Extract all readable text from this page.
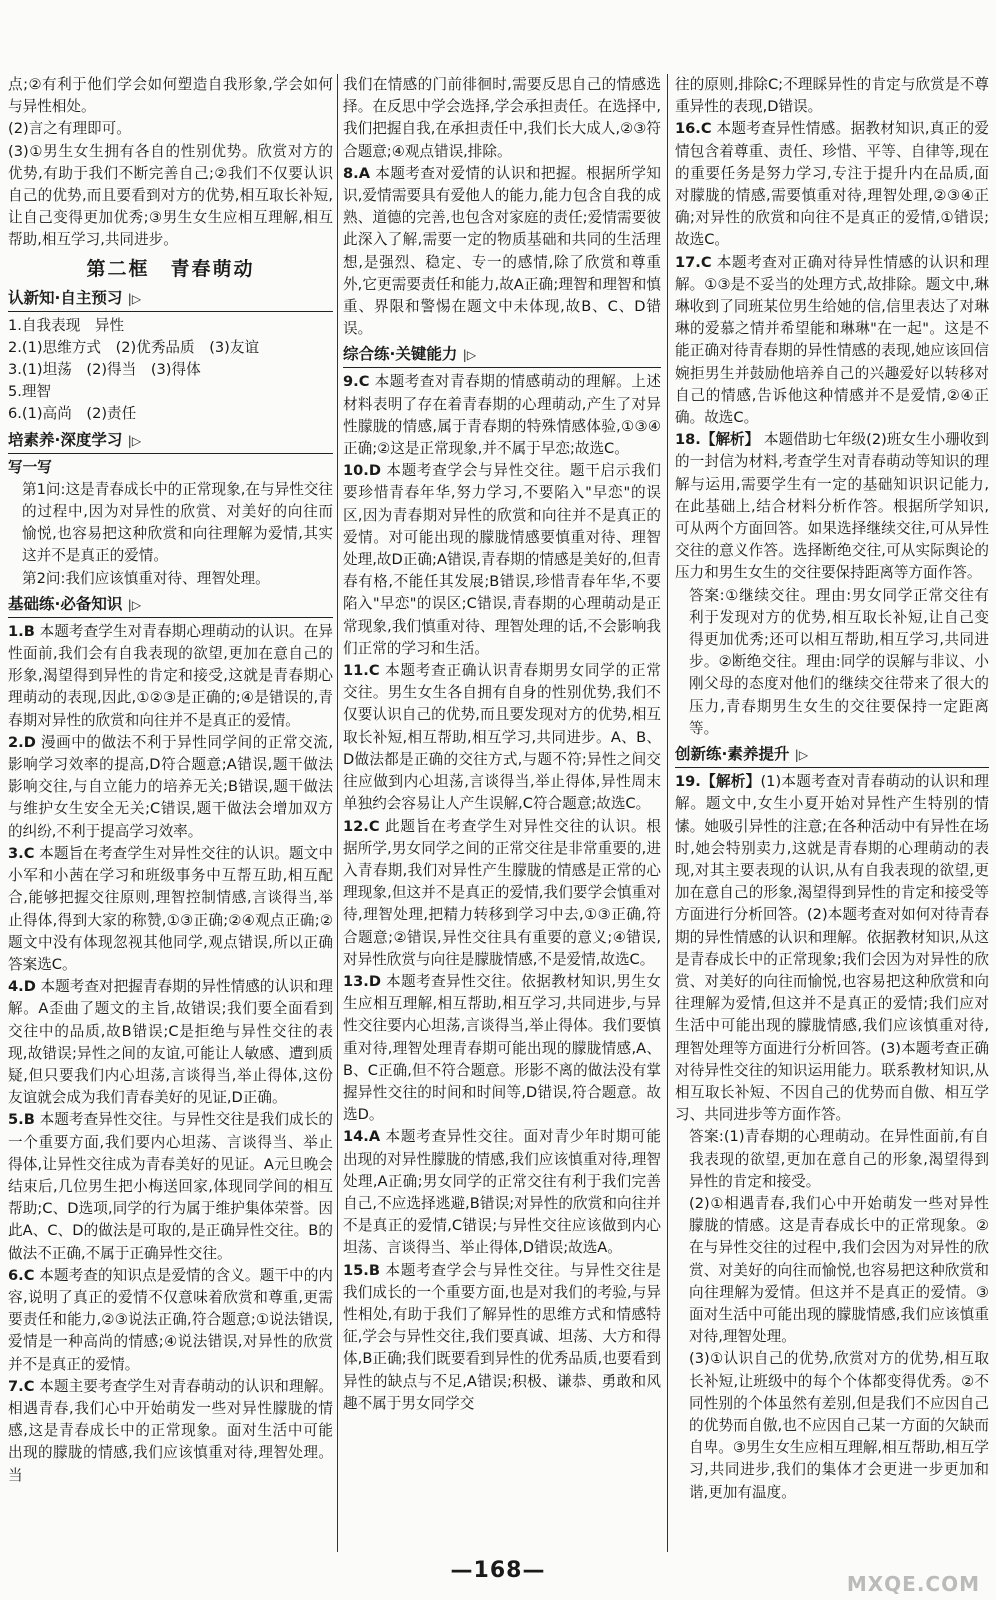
点;②有利于他们学会如何塑造自我形象,学会如何与异性相处。

(2)言之有理即可。

(3)①男生女生拥有各自的性别优势。欣赏对方的优势,有助于我们不断完善自己;②我们不仅要认识自己的优势,而且要看到对方的优势,相互取长补短,让自己变得更加优秀;③男生女生应相互理解,相互帮助,相互学习,共同进步。

第二框　青春萌动
认新知·自主预习 |▷

1.自我表现　异性

2.(1)思维方式　(2)优秀品质　(3)友谊

3.(1)坦荡　(2)得当　(3)得体

5.理智

6.(1)高尚　(2)责任

培素养·深度学习 |▷
写一写

第1问:这是青春成长中的正常现象,在与异性交往的过程中,因为对异性的欣赏、对美好的向往而愉悦,也容易把这种欣赏和向往理解为爱情,其实这并不是真正的爱情。

第2问:我们应该慎重对待、理智处理。

基础练·必备知识 |▷

1.B 本题考查学生对青春期心理萌动的认识。在异性面前,我们会有自我表现的欲望,更加在意自己的形象,渴望得到异性的肯定和接受,这就是青春期心理萌动的表现,因此,①②③是正确的;④是错误的,青春期对异性的欣赏和向往并不是真正的爱情。

2.D 漫画中的做法不利于异性同学间的正常交流,影响学习效率的提高,D符合题意;A错误,题干做法影响交往,与自立能力的培养无关;B错误,题干做法与维护女生安全无关;C错误,题干做法会增加双方的纠纷,不利于提高学习效率。

3.C 本题旨在考查学生对异性交往的认识。题文中小军和小茜在学习和班级事务中互帮互助,相互配合,能够把握交往原则,理智控制情感,言谈得当,举止得体,得到大家的称赞,①③正确;②④观点正确;②题文中没有体现忽视其他同学,观点错误,所以正确答案选C。

4.D 本题考查对把握青春期的异性情感的认识和理解。A歪曲了题文的主旨,故错误;我们要全面看到交往中的品质,故B错误;C是拒绝与异性交往的表现,故错误;异性之间的友谊,可能让人敏感、遭到质疑,但只要我们内心坦荡,言谈得当,举止得体,这份友谊就会成为我们青春美好的见证,D正确。

5.B 本题考查异性交往。与异性交往是我们成长的一个重要方面,我们要内心坦荡、言谈得当、举止得体,让异性交往成为青春美好的见证。A元旦晚会结束后,几位男生把小梅送回家,体现同学间的相互帮助;C、D选项,同学的行为属于维护集体荣誉。因此A、C、D的做法是可取的,是正确异性交往。B的做法不正确,不属于正确异性交往。

6.C 本题考查的知识点是爱情的含义。题干中的内容,说明了真正的爱情不仅意味着欣赏和尊重,更需要责任和能力,②③说法正确,符合题意;①说法错误,爱情是一种高尚的情感;④说法错误,对异性的欣赏并不是真正的爱情。

7.C 本题主要考查学生对青春萌动的认识和理解。相遇青春,我们心中开始萌发一些对异性朦胧的情感,这是青春成长中的正常现象。面对生活中可能出现的朦胧的情感,我们应该慎重对待,理智处理。当

我们在情感的门前徘徊时,需要反思自己的情感选择。在反思中学会选择,学会承担责任。在选择中,我们把握自我,在承担责任中,我们长大成人,②③符合题意;④观点错误,排除。

8.A 本题考查对爱情的认识和把握。根据所学知识,爱情需要具有爱他人的能力,能力包含自我的成熟、道德的完善,也包含对家庭的责任;爱情需要彼此深入了解,需要一定的物质基础和共同的生活理想,是强烈、稳定、专一的感情,除了欣赏和尊重外,它更需要责任和能力,故A正确;理智和理智和慎重、界限和警惕在题文中未体现,故B、C、D错误。

综合练·关键能力 |▷

9.C 本题考查对青春期的情感萌动的理解。上述材料表明了存在着青春期的心理萌动,产生了对异性朦胧的情感,属于青春期的特殊情感体验,①③④正确;②这是正常现象,并不属于早恋;故选C。

10.D 本题考查学会与异性交往。题干启示我们要珍惜青春年华,努力学习,不要陷入"早恋"的误区,因为青春期对异性的欣赏和向往并不是真正的爱情。对可能出现的朦胧情感要慎重对待、理智处理,故D正确;A错误,青春期的情感是美好的,但青春有格,不能任其发展;B错误,珍惜青春年华,不要陷入"早恋"的误区;C错误,青春期的心理萌动是正常现象,我们慎重对待、理智处理的话,不会影响我们正常的学习和生活。

11.C 本题考查正确认识青春期男女同学的正常交往。男生女生各自拥有自身的性别优势,我们不仅要认识自己的优势,而且要发现对方的优势,相互取长补短,相互帮助,相互学习,共同进步。A、B、D做法都是正确的交往方式,与题不符;异性之间交往应做到内心坦荡,言谈得当,举止得体,异性周末单独约会容易让人产生误解,C符合题意;故选C。

12.C 此题旨在考查学生对异性交往的认识。根据所学,男女同学之间的正常交往是非常重要的,进入青春期,我们对异性产生朦胧的情感是正常的心理现象,但这并不是真正的爱情,我们要学会慎重对待,理智处理,把精力转移到学习中去,①③正确,符合题意;②错误,异性交往具有重要的意义;④错误,对异性欣赏与向往是朦胧情感,不是爱情,故选C。

13.D 本题考查异性交往。依据教材知识,男生女生应相互理解,相互帮助,相互学习,共同进步,与异性交往要内心坦荡,言谈得当,举止得体。我们要慎重对待,理智处理青春期可能出现的朦胧情感,A、B、C正确,但不符合题意。形影不离的做法没有掌握异性交往的时间和时间等,D错误,符合题意。故选D。

14.A 本题考查异性交往。面对青少年时期可能出现的对异性朦胧的情感,我们应该慎重对待,理智处理,A正确;男女同学的正常交往有利于我们完善自己,不应选择逃避,B错误;对异性的欣赏和向往并不是真正的爱情,C错误;与异性交往应该做到内心坦荡、言谈得当、举止得体,D错误;故选A。

15.B 本题考查学会与异性交往。与异性交往是我们成长的一个重要方面,也是对我们的考验,与异性相处,有助于我们了解异性的思维方式和情感特征,学会与异性交往,我们要真诚、坦荡、大方和得体,B正确;我们既要看到异性的优秀品质,也要看到异性的缺点与不足,A错误;积极、谦恭、勇敢和风趣不属于男女同学交

往的原则,排除C;不理睬异性的肯定与欣赏是不尊重异性的表现,D错误。

16.C 本题考查异性情感。据教材知识,真正的爱情包含着尊重、责任、珍惜、平等、自律等,现在的重要任务是努力学习,专注于提升内在品质,面对朦胧的情感,需要慎重对待,理智处理,②③④正确;对异性的欣赏和向往不是真正的爱情,①错误;故选C。

17.C 本题考查对正确对待异性情感的认识和理解。①③是不妥当的处理方式,故排除。题文中,琳琳收到了同班某位男生给她的信,信里表达了对琳琳的爱慕之情并希望能和琳琳"在一起"。这是不能正确对待青春期的异性情感的表现,她应该回信婉拒男生并鼓励他培养自己的兴趣爱好以转移对自己的情感,告诉他这种情感并不是爱情,②④正确。故选C。

18.【解析】 本题借助七年级(2)班女生小珊收到的一封信为材料,考查学生对青春萌动等知识的理解与运用,需要学生有一定的基础知识识记能力,在此基础上,结合材料分析作答。根据所学知识,可从两个方面回答。如果选择继续交往,可从异性交往的意义作答。选择断绝交往,可从实际舆论的压力和男生女生的交往要保持距离等方面作答。

答案:①继续交往。理由:男女同学正常交往有利于发现对方的优势,相互取长补短,让自己变得更加优秀;还可以相互帮助,相互学习,共同进步。②断绝交往。理由:同学的误解与非议、小刚父母的态度对他们的继续交往带来了很大的压力,青春期男生女生的交往要保持一定距离等。

创新练·素养提升 |▷

19.【解析】(1)本题考查对青春萌动的认识和理解。题文中,女生小夏开始对异性产生特别的情愫。她吸引异性的注意;在各种活动中有异性在场时,她会特别卖力,这就是青春期的心理萌动的表现,对其主要表现的认识,从有自我表现的欲望,更加在意自己的形象,渴望得到异性的肯定和接受等方面进行分析回答。(2)本题考查对如何对待青春期的异性情感的认识和理解。依据教材知识,从这是青春成长中的正常现象;我们会因为对异性的欣赏、对美好的向往而愉悦,也容易把这种欣赏和向往理解为爱情,但这并不是真正的爱情;我们应对生活中可能出现的朦胧情感,我们应该慎重对待,理智处理等方面进行分析回答。(3)本题考查正确对待异性交往的知识运用能力。联系教材知识,从相互取长补短、不因自己的优势而自傲、相互学习、共同进步等方面作答。

答案:(1)青春期的心理萌动。在异性面前,有自我表现的欲望,更加在意自己的形象,渴望得到异性的肯定和接受。

(2)①相遇青春,我们心中开始萌发一些对异性朦胧的情感。这是青春成长中的正常现象。②在与异性交往的过程中,我们会因为对异性的欣赏、对美好的向往而愉悦,也容易把这种欣赏和向往理解为爱情。但这并不是真正的爱情。③面对生活中可能出现的朦胧情感,我们应该慎重对待,理智处理。

(3)①认识自己的优势,欣赏对方的优势,相互取长补短,让班级中的每个个体都变得优秀。②不同性别的个体虽然有差别,但是我们不应因自己的优势而自傲,也不应因自己某一方面的欠缺而自卑。③男生女生应相互理解,相互帮助,相互学习,共同进步,我们的集体才会更进一步更加和谐,更加有温度。

—168—
MXQE.COM
